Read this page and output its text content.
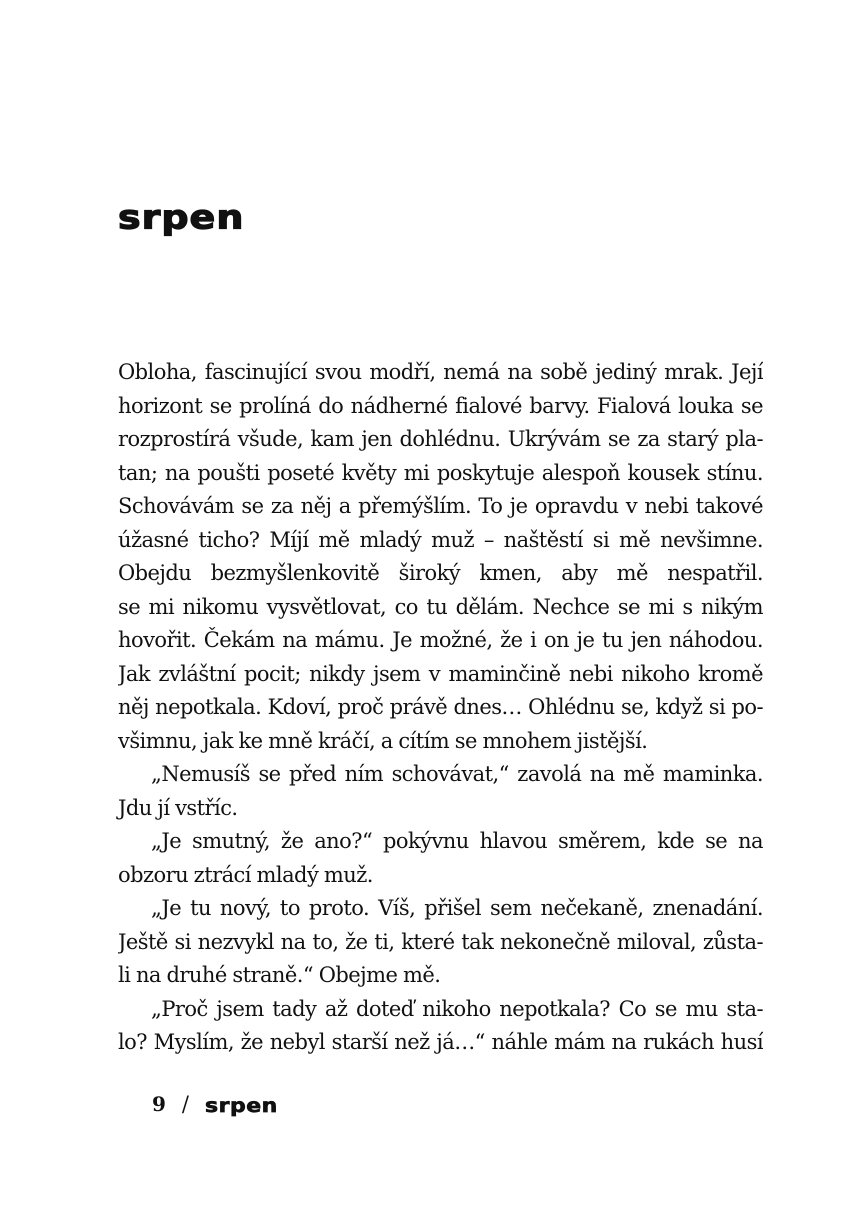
srpen
Obloha, fascinující svou modří, nemá na sobě jediný mrak. Její
horizont se prolíná do nádherné fialové barvy. Fialová louka se
rozprostírá všude, kam jen dohlédnu. Ukrývám se za starý pla-
tan; na poušti poseté květy mi poskytuje alespoň kousek stínu.
Schovávám se za něj a přemýšlím. To je opravdu v nebi takové
úžasné ticho? Míjí mě mladý muž – naštěstí si mě nevšimne.
Obejdu bezmyšlenkovitě široký kmen, aby mě nespatřil.
se mi nikomu vysvětlovat, co tu dělám. Nechce se mi s nikým
hovořit. Čekám na mámu. Je možné, že i on je tu jen náhodou.
Jak zvláštní pocit; nikdy jsem v maminčině nebi nikoho kromě
něj nepotkala. Kdoví, proč právě dnes… Ohlédnu se, když si po-
všimnu, jak ke mně kráčí, a cítím se mnohem jistější.
„Nemusíš se před ním schovávat,“ zavolá na mě maminka.
Jdu jí vstříc.
„Je smutný, že ano?“ pokývnu hlavou směrem, kde se na
obzoru ztrácí mladý muž.
„Je tu nový, to proto. Víš, přišel sem nečekaně, znenadání.
Ještě si nezvykl na to, že ti, které tak nekonečně miloval, zůsta-
li na druhé straně.“ Obejme mě.
„Proč jsem tady až doteď nikoho nepotkala? Co se mu sta-
lo? Myslím, že nebyl starší než já…“ náhle mám na rukách husí
9 / srpen
